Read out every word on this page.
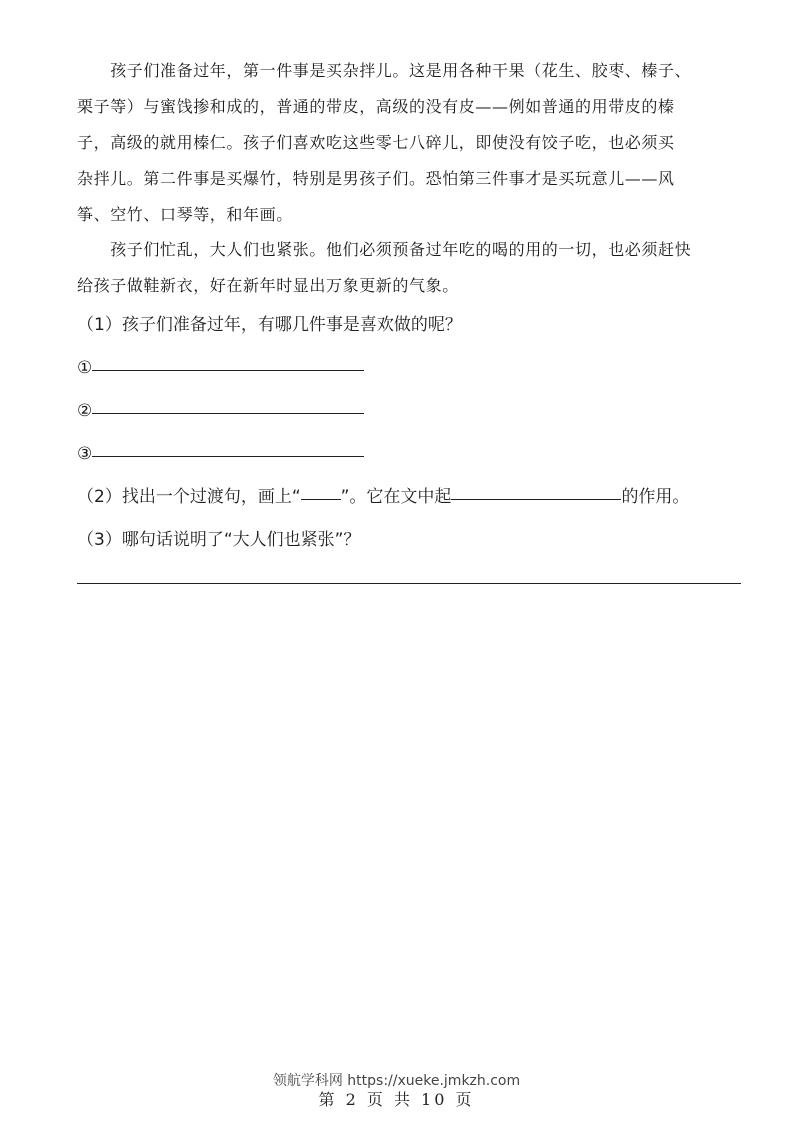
　　孩子们准备过年，第一件事是买杂拌儿。这是用各种干果（花生、胶枣、榛子、
栗子等）与蜜饯掺和成的，普通的带皮，高级的没有皮——例如普通的用带皮的榛
子，高级的就用榛仁。孩子们喜欢吃这些零七八碎儿，即使没有饺子吃，也必须买
杂拌儿。第二件事是买爆竹，特别是男孩子们。恐怕第三件事才是买玩意儿——风
筝、空竹、口琴等，和年画。
　　孩子们忙乱，大人们也紧张。他们必须预备过年吃的喝的用的一切，也必须赶快
给孩子做鞋新衣，好在新年时显出万象更新的气象。
（1）孩子们准备过年，有哪几件事是喜欢做的呢？
①
②
③
（2）找出一个过渡句，画上“ ”。它在文中起	的作用。
（3）哪句话说明了“大人们也紧张”？
领航学科网 https://xueke.jmkzh.com
第 2 页 共 10 页
